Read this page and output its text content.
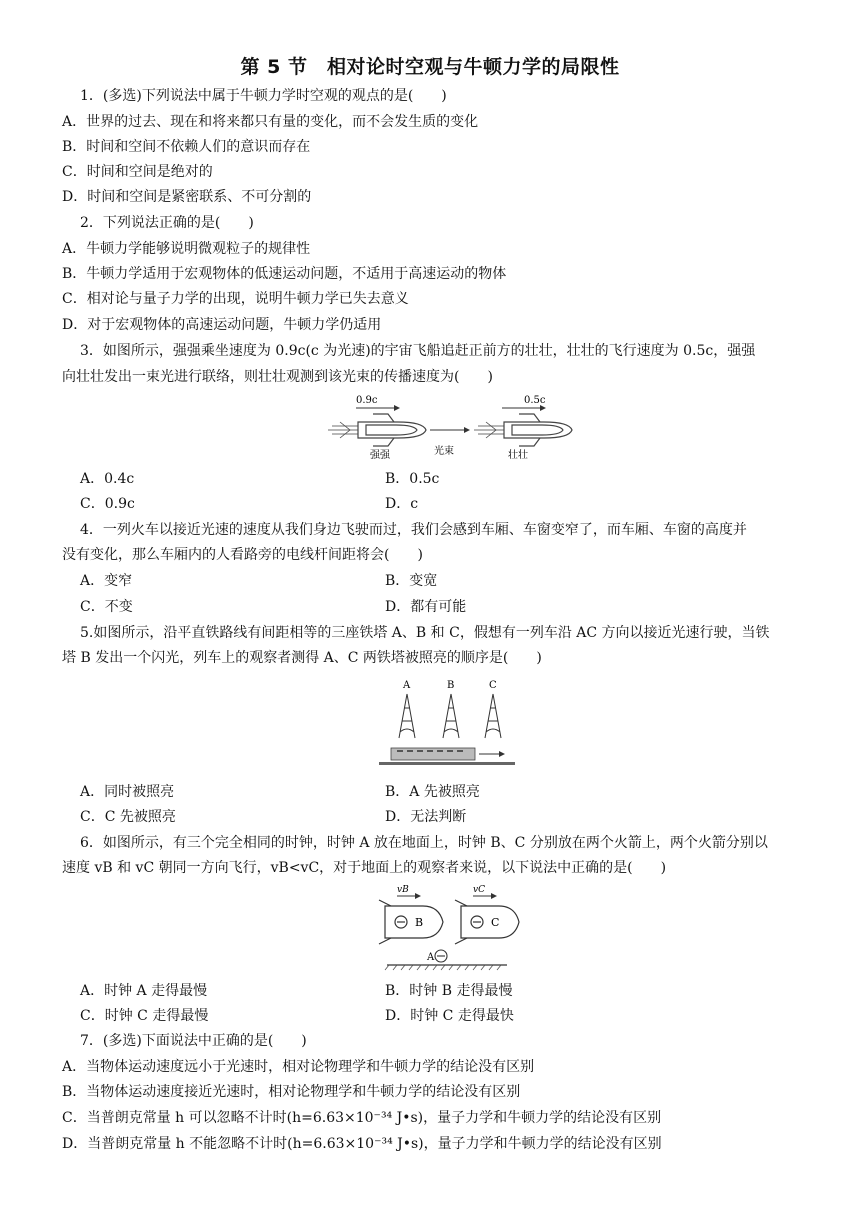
第 5 节　相对论时空观与牛顿力学的局限性
1．(多选)下列说法中属于牛顿力学时空观的观点的是(　　)
A．世界的过去、现在和将来都只有量的变化，而不会发生质的变化
B．时间和空间不依赖人们的意识而存在
C．时间和空间是绝对的
D．时间和空间是紧密联系、不可分割的
2．下列说法正确的是(　　)
A．牛顿力学能够说明微观粒子的规律性
B．牛顿力学适用于宏观物体的低速运动问题，不适用于高速运动的物体
C．相对论与量子力学的出现，说明牛顿力学已失去意义
D．对于宏观物体的高速运动问题，牛顿力学仍适用
3．如图所示，强强乘坐速度为 0.9c(c 为光速)的宇宙飞船追赶正前方的壮壮，壮壮的飞行速度为 0.5c，强强
向壮壮发出一束光进行联络，则壮壮观测到该光束的传播速度为(　　)
0.9c	0.5c
强强	光束	壮壮
A．0.4c	B．0.5c
C．0.9c	D．c
4．一列火车以接近光速的速度从我们身边飞驶而过，我们会感到车厢、车窗变窄了，而车厢、车窗的高度并
没有变化，那么车厢内的人看路旁的电线杆间距将会(　　)
A．变窄	B．变宽
C．不变	D．都有可能
5.如图所示，沿平直铁路线有间距相等的三座铁塔 A、B 和 C，假想有一列车沿 AC 方向以接近光速行驶，当铁
塔 B 发出一个闪光，列车上的观察者测得 A、C 两铁塔被照亮的顺序是(　　)
A	B	C
A．同时被照亮	B．A 先被照亮
C．C 先被照亮	D．无法判断
6．如图所示，有三个完全相同的时钟，时钟 A 放在地面上，时钟 B、C 分别放在两个火箭上，两个火箭分别以
速度 vB 和 vC 朝同一方向飞行，vB<vC，对于地面上的观察者来说，以下说法中正确的是(　　)
B	C
vB	vC
A
A．时钟 A 走得最慢	B．时钟 B 走得最慢
C．时钟 C 走得最慢	D．时钟 C 走得最快
7．(多选)下面说法中正确的是(　　)
A．当物体运动速度远小于光速时，相对论物理学和牛顿力学的结论没有区别
B．当物体运动速度接近光速时，相对论物理学和牛顿力学的结论没有区别
C．当普朗克常量 h 可以忽略不计时(h=6.63×10⁻³⁴ J•s)，量子力学和牛顿力学的结论没有区别
D．当普朗克常量 h 不能忽略不计时(h=6.63×10⁻³⁴ J•s)，量子力学和牛顿力学的结论没有区别
